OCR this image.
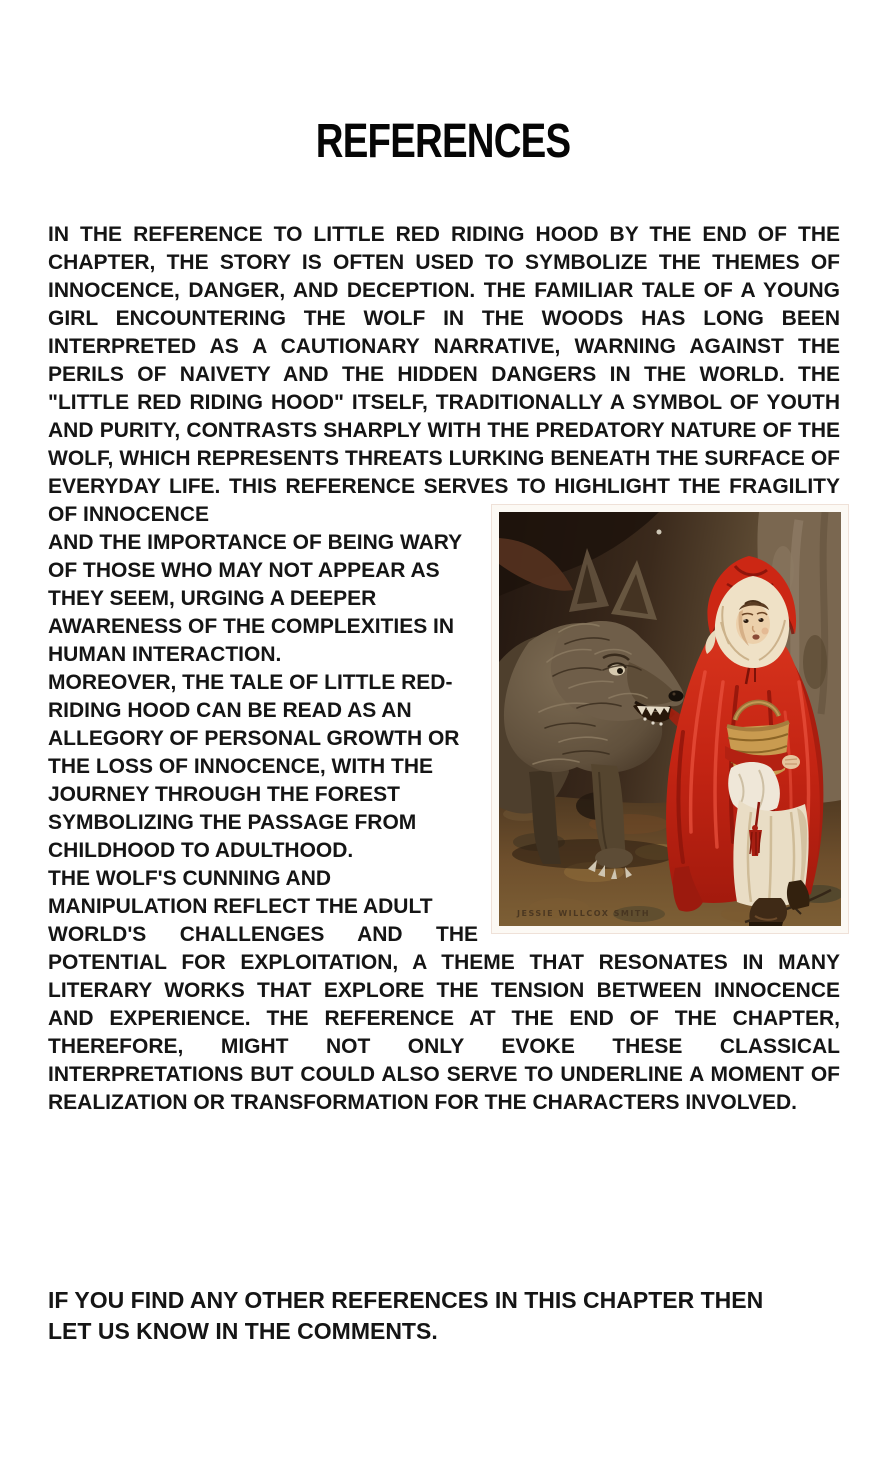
REFERENCES

IN THE REFERENCE TO LITTLE RED RIDING HOOD BY THE END OF THE CHAPTER, THE STORY IS OFTEN USED TO SYMBOLIZE THE THEMES OF INNOCENCE, DANGER, AND DECEPTION. THE FAMILIAR TALE OF A YOUNG GIRL ENCOUNTERING THE WOLF IN THE WOODS HAS LONG BEEN INTERPRETED AS A CAUTIONARY NARRATIVE, WARNING AGAINST THE PERILS OF NAIVETY AND THE HIDDEN DANGERS IN THE WORLD. THE "LITTLE RED RIDING HOOD" ITSELF, TRADITIONALLY A SYMBOL OF YOUTH AND PURITY, CONTRASTS SHARPLY WITH THE PREDATORY NATURE OF THE WOLF, WHICH REPRESENTS THREATS LURKING BENEATH THE SURFACE OF EVERYDAY LIFE. THIS REFERENCE SERVES TO HIGHLIGHT THE FRAGILITY OF INNOCENCE
JESSIE WILLCOX SMITH

AND THE IMPORTANCE OF BEING WARY OF THOSE WHO MAY NOT APPEAR AS THEY SEEM, URGING A DEEPER AWARENESS OF THE COMPLEXITIES IN HUMAN INTERACTION.

MOREOVER, THE TALE OF LITTLE RED-RIDING HOOD CAN BE READ AS AN ALLEGORY OF PERSONAL GROWTH OR THE LOSS OF INNOCENCE, WITH THE JOURNEY THROUGH THE FOREST SYMBOLIZING THE PASSAGE FROM CHILDHOOD TO ADULTHOOD.
THE WOLF'S CUNNING AND MANIPULATION REFLECT THE ADULT

WORLD'S CHALLENGES AND THE POTENTIAL FOR EXPLOITATION, A THEME THAT RESONATES IN MANY LITERARY WORKS THAT EXPLORE THE TENSION BETWEEN INNOCENCE AND EXPERIENCE. THE REFERENCE AT THE END OF THE CHAPTER, THEREFORE, MIGHT NOT ONLY EVOKE THESE CLASSICAL INTERPRETATIONS BUT COULD ALSO SERVE TO UNDERLINE A MOMENT OF REALIZATION OR TRANSFORMATION FOR THE CHARACTERS INVOLVED.

IF YOU FIND ANY OTHER REFERENCES IN THIS CHAPTER THEN
LET US KNOW IN THE COMMENTS.
